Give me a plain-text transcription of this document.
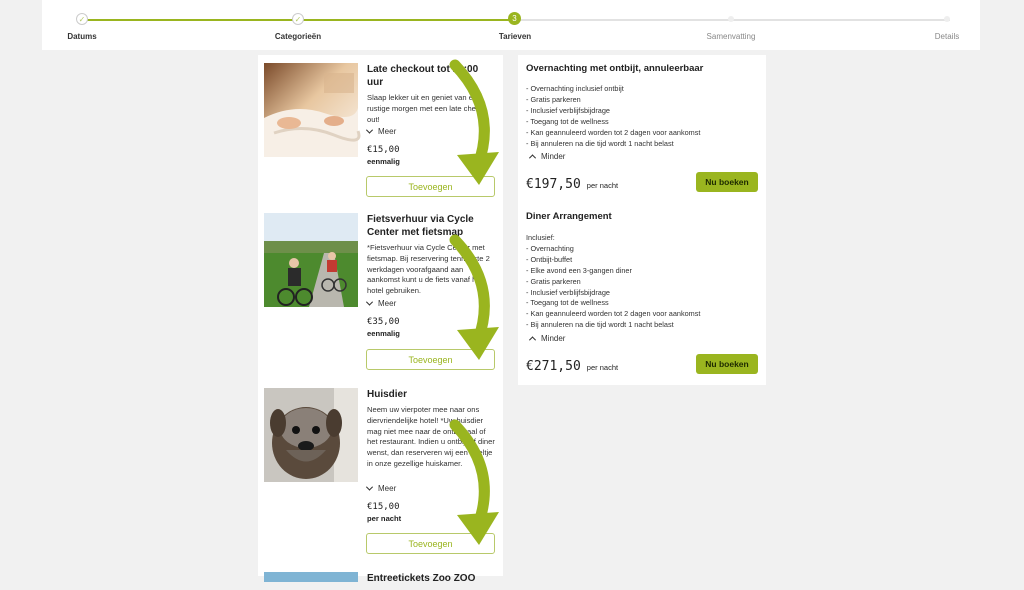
✓	✓	3
Datums	Categorieën	Tarieven	Samenvatting	Details
Late checkout tot 13:00 uur
Slaap lekker uit en geniet van een rustige morgen met een late check out!
Meer
€15,00
eenmalig
Toevoegen
Fietsverhuur via Cycle Center met fietsmap
*Fietsverhuur via Cycle Center met fietsmap. Bij reservering tenminste 2 werkdagen voorafgaand aan aankomst kunt u de fiets vanaf het hotel gebruiken.
Meer
€35,00
eenmalig
Toevoegen
Huisdier
Neem uw vierpoter mee naar ons diervriendelijke hotel! *Uw huisdier mag niet mee naar de ontbijtzaal of het restaurant. Indien u ontbijt of diner wenst, dan reserveren wij een tafeltje in onze gezellige huiskamer.
Meer
€15,00
per nacht
Toevoegen
Entreetickets Zoo ZOO
Overnachting met ontbijt, annuleerbaar
- Overnachting inclusief ontbijt
- Gratis parkeren
- Inclusief verblijfsbijdrage
- Toegang tot de wellness
- Kan geannuleerd worden tot 2 dagen voor aankomst
- Bij annuleren na die tijd wordt 1 nacht belast
Minder
€197,50 per nacht	Nu boeken
Diner Arrangement
Inclusief:
- Overnachting
- Ontbijt-buffet
- Elke avond een 3-gangen diner
- Gratis parkeren
- Inclusief verblijfsbijdrage
- Toegang tot de wellness
- Kan geannuleerd worden tot 2 dagen voor aankomst
- Bij annuleren na die tijd wordt 1 nacht belast
Minder
€271,50 per nacht	Nu boeken
